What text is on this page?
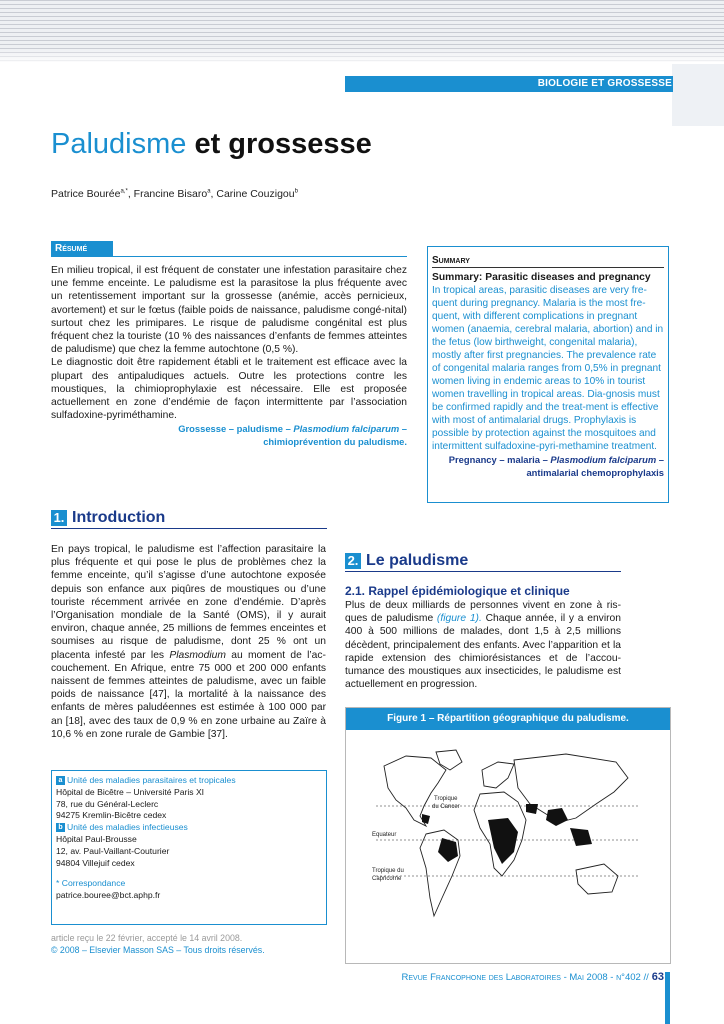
BIOLOGIE ET GROSSESSE
Paludisme et grossesse
Patrice Bourée$^{a,*}$, Francine Bisaro$^a$, Carine Couzigou$^b$
Résumé

En milieu tropical, il est fréquent de constater une infestation parasitaire chez une femme enceinte. Le paludisme est la parasitose la plus fréquente avec un retentissement important sur la grossesse (anémie, accès pernicieux, avortement) et sur le fœtus (faible poids de naissance, paludisme congé-nital) surtout chez les primipares. Le risque de paludisme congénital est plus fréquent chez la touriste (10 % des naissances d’enfants de femmes atteintes de paludisme) que chez la femme autochtone (0,5 %).

Le diagnostic doit être rapidement établi et le traitement est efficace avec la plupart des antipaludiques actuels. Outre les protections contre les moustiques, la chimioprophylaxie est nécessaire. Elle est proposée actuellement en zone d’endémie de façon intermittente par l’association sulfadoxine-pyriméthamine.

Grossesse – paludisme – Plasmodium falciparum –
chimioprévention du paludisme.

Summary

Summary: Parasitic diseases and pregnancy

In tropical areas, parasitic diseases are very fre-quent during pregnancy. Malaria is the most fre-quent, with different complications in pregnant women (anaemia, cerebral malaria, abortion) and in the fetus (low birthweight, congenital malaria), mostly after first pregnancies. The prevalence rate of congenital malaria ranges from 0,5% in pregnant women living in endemic areas to 10% in tourist women travelling in tropical areas. Dia-gnosis must be confirmed rapidly and the treat-ment is effective with most of antimalarial drugs. Prophylaxis is possible by protection against the mosquitoes and intermittent sulfadoxine-pyri-methamine treatment.

Pregnancy – malaria – Plasmodium falciparum –
antimalarial chemoprophylaxis
1. Introduction

En pays tropical, le paludisme est l’affection parasitaire la plus fréquente et qui pose le plus de problèmes chez la femme enceinte, qu’il s’agisse d’une autochtone exposée depuis son enfance aux piqûres de moustiques ou d’une touriste récemment arrivée en zone d’endémie. D’après l’Organisation mondiale de la Santé (OMS), il y aurait environ, chaque année, 25 millions de femmes enceintes et soumises au risque de paludisme, dont 25 % ont un placenta infesté par les Plasmodium au moment de l’ac-couchement. En Afrique, entre 75 000 et 200 000 enfants naissent de femmes atteintes de paludisme, avec un faible poids de naissance [47], la mortalité à la naissance des enfants de mères paludéennes est estimée à 100 000 par an [18], avec des taux de 0,9 % en zone urbaine au Zaïre à 10,6 % en zone rurale de Gambie [37].

2. Le paludisme
2.1. Rappel épidémiologique et clinique

Plus de deux milliards de personnes vivent en zone à ris-ques de paludisme (figure 1). Chaque année, il y a environ 400 à 500 millions de malades, dont 1,5 à 2,5 millions décèdent, principalement des enfants. Avec l’apparition et la rapide extension des chimiorésistances et de l’accou-tumance des moustiques aux insecticides, le paludisme est actuellement en progression.

Figure 1 – Répartition géographique du paludisme.
Tropique
du Cancer
Equateur
Tropique du
Capricorne

a Unité des maladies parasitaires et tropicales

Hôpital de Bicêtre – Université Paris XI

78, rue du Général-Leclerc

94275 Kremlin-Bicêtre cedex

b Unité des maladies infectieuses

Hôpital Paul-Brousse

12, av. Paul-Vaillant-Couturier

94804 Villejuif cedex

* Correspondance

patrice.bouree@bct.aphp.fr

article reçu le 22 février, accepté le 14 avril 2008.
© 2008 – Elsevier Masson SAS – Tous droits réservés.
Revue Francophone des Laboratoires - Mai 2008 - n°402 // 63
